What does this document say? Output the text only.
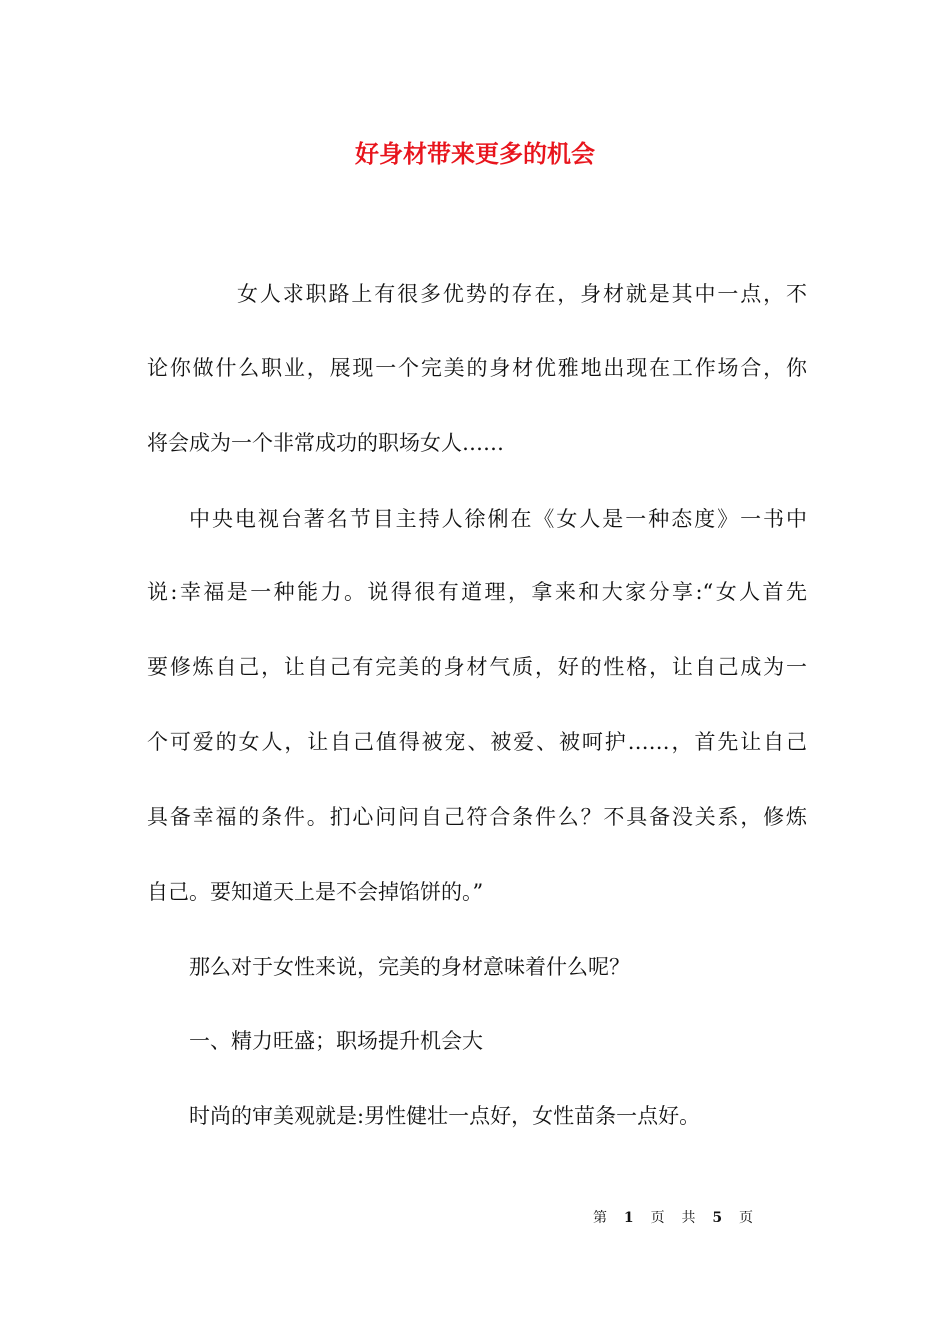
好身材带来更多的机会

女人求职路上有很多优势的存在，身材就是其中一点，不

论你做什么职业，展现一个完美的身材优雅地出现在工作场合，你

将会成为一个非常成功的职场女人……

中央电视台著名节目主持人徐俐在《女人是一种态度》一书中

说:幸福是一种能力。说得很有道理，拿来和大家分享:“女人首先

要修炼自己，让自己有完美的身材气质，好的性格，让自己成为一

个可爱的女人，让自己值得被宠、被爱、被呵护……，首先让自己

具备幸福的条件。扪心问问自己符合条件么？不具备没关系，修炼

自己。要知道天上是不会掉馅饼的。”

那么对于女性来说，完美的身材意味着什么呢？

一、精力旺盛；职场提升机会大

时尚的审美观就是:男性健壮一点好，女性苗条一点好。

第 1 页 共 5 页
